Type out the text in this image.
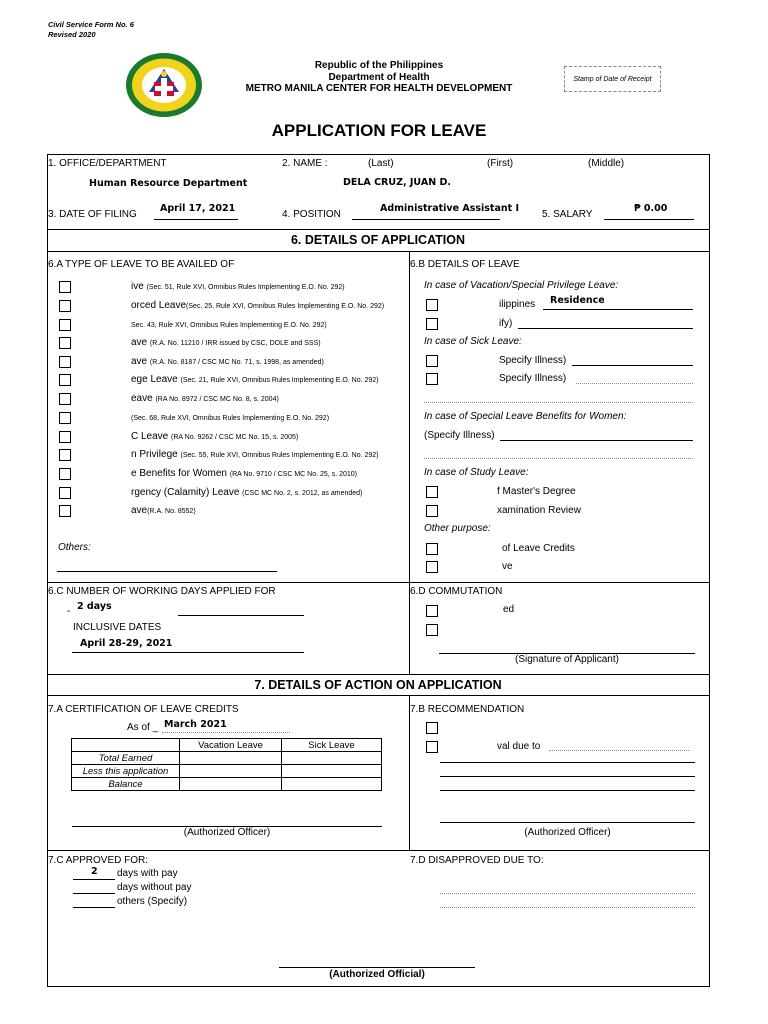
Civil Service Form No. 6
Revised 2020
Republic of the Philippines
Department of Health
METRO MANILA CENTER FOR HEALTH DEVELOPMENT
Stamp of Date of Receipt
APPLICATION FOR LEAVE
1. OFFICE/DEPARTMENT
Human Resource Department
2. NAME :	(Last)	(First)	(Middle)
DELA CRUZ, JUAN D.
3. DATE OF FILING
April 17, 2021
4. POSITION
Administrative Assistant I
5. SALARY
₱ 0.00
6. DETAILS OF APPLICATION
6.A TYPE OF LEAVE TO BE AVAILED OF	6.B DETAILS OF LEAVE
ive (Sec. 51, Rule XVI, Omnibus Rules Implementing E.O. No. 292)
orced Leave(Sec. 25, Rule XVI, Omnibus Rules Implementing E.O. No. 292)
Sec. 43, Rule XVI, Omnibus Rules Implementing E.O. No. 292)
ave (R.A. No. 11210 / IRR issued by CSC, DOLE and SSS)
ave (R.A. No. 8187 / CSC MC No. 71, s. 1998, as amended)
ege Leave (Sec. 21, Rule XVI, Omnibus Rules Implementing E.O. No. 292)
eave (RA No. 8972 / CSC MC No. 8, s. 2004)
(Sec. 68, Rule XVI, Omnibus Rules Implementing E.O. No. 292)
C Leave (RA No. 9262 / CSC MC No. 15, s. 2005)
n Privilege (Sec. 55, Rule XVI, Omnibus Rules Implementing E.O. No. 292)
e Benefits for Women (RA No. 9710 / CSC MC No. 25, s. 2010)
rgency (Calamity) Leave (CSC MC No. 2, s. 2012, as amended)
ave(R.A. No. 8552)
Others:
In case of Vacation/Special Privilege Leave:
ilippines Residence
ify)
In case of Sick Leave:
Specify Illness)
Specify Illness)
In case of Special Leave Benefits for Women:
(Specify Illness)
In case of Study Leave:
f Master's Degree
xamination Review
Other purpose:
of Leave Credits
ve
6.C NUMBER OF WORKING DAYS APPLIED FOR
- 2 days
INCLUSIVE DATES
April 28-29, 2021
6.D COMMUTATION
ed
(Signature of Applicant)
7. DETAILS OF ACTION ON APPLICATION
7.A CERTIFICATION OF LEAVE CREDITS
As of _ March 2021
	Vacation Leave	Sick Leave
Total Earned		
Less this application		
Balance		
(Authorized Officer)
7.B RECOMMENDATION
val due to
(Authorized Officer)
7.C APPROVED FOR:
2 days with pay
days without pay
others (Specify)
7.D DISAPPROVED DUE TO:
(Authorized Official)
